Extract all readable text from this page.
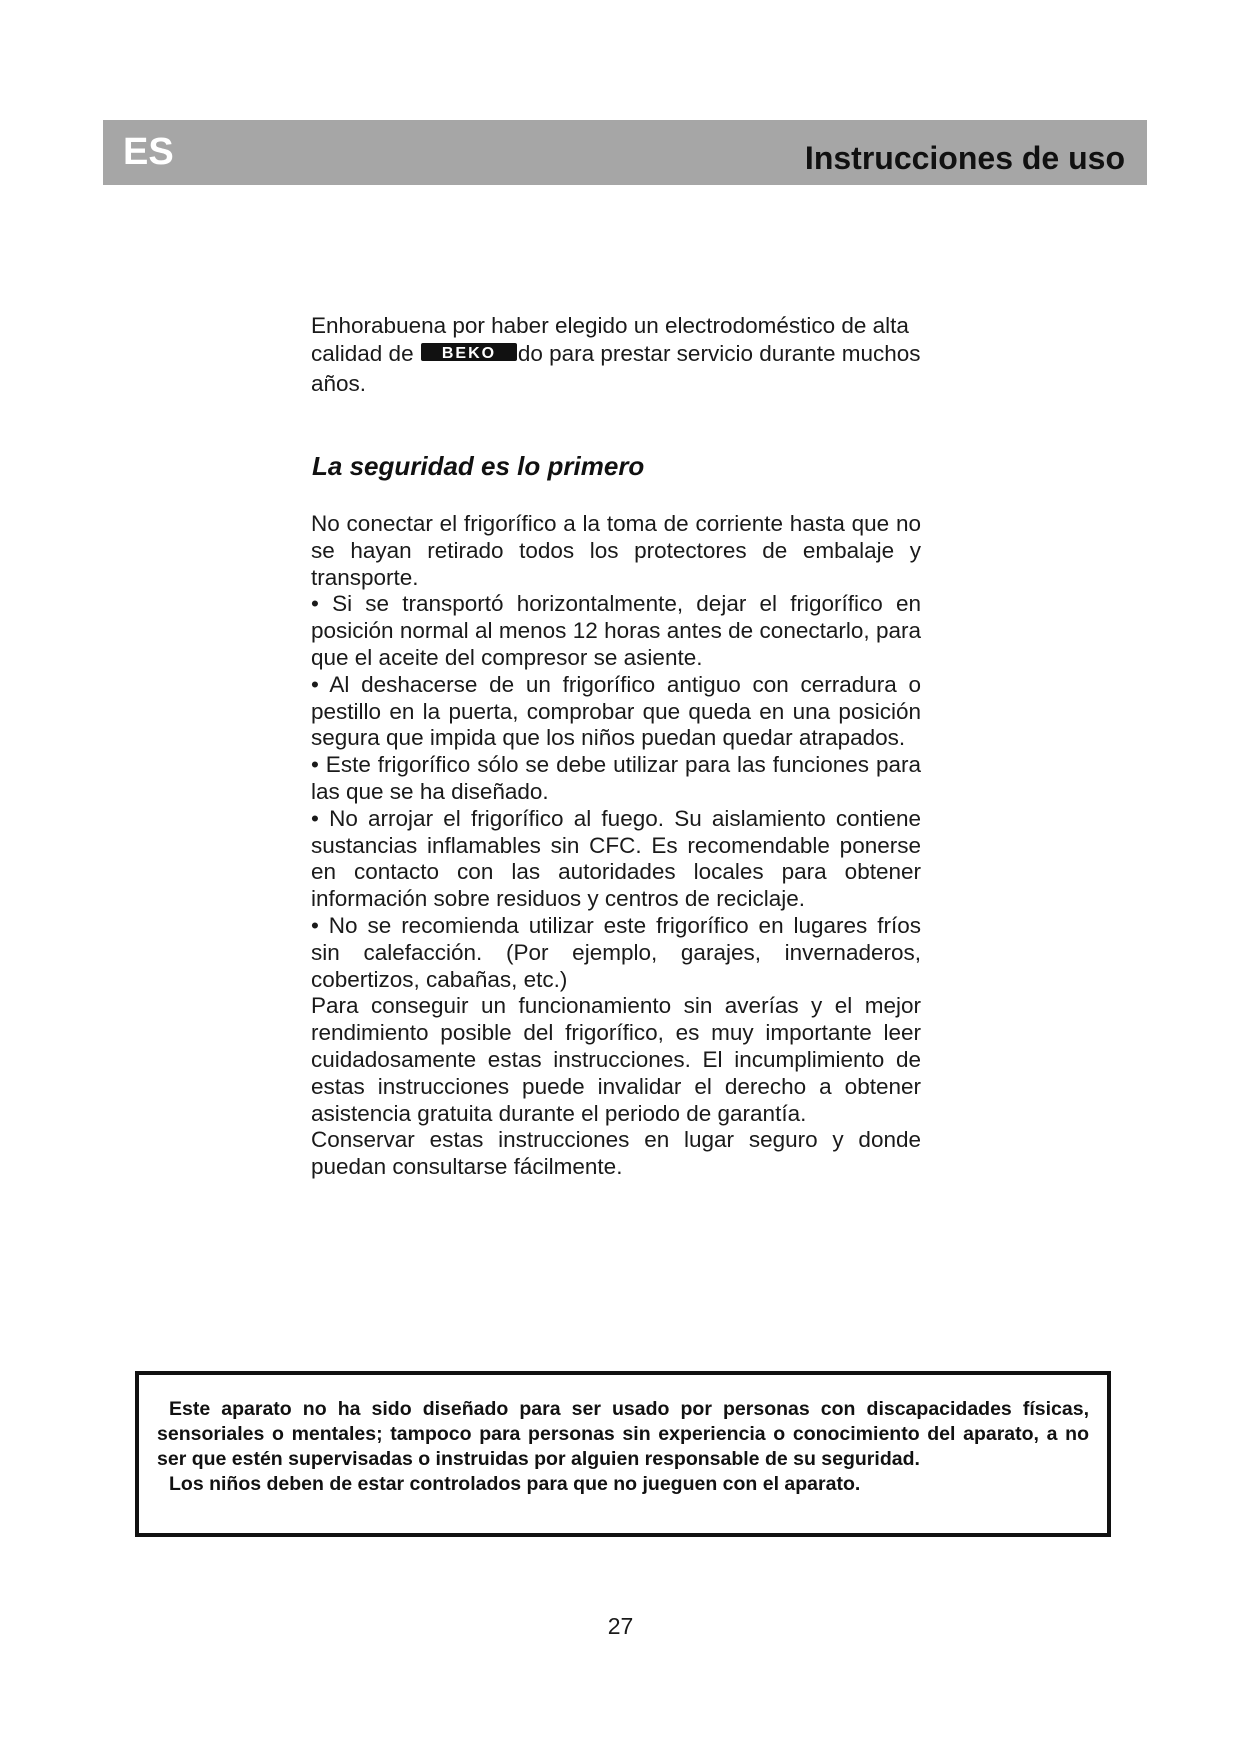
ES	Instrucciones de uso
Enhorabuena por haber elegido un electrodoméstico de alta calidad de BEKO do para prestar servicio durante muchos años.
La seguridad es lo primero

No conectar el frigorífico a la toma de corriente hasta que no se hayan retirado todos los protectores de embalaje y transporte.

• Si se transportó horizontalmente, dejar el frigorífico en posición normal al menos 12 horas antes de conectarlo, para que el aceite del compresor se asiente.

• Al deshacerse de un frigorífico antiguo con cerradura o pestillo en la puerta, comprobar que queda en una posición segura que impida que los niños puedan quedar atrapados.

• Este frigorífico sólo se debe utilizar para las funciones para las que se ha diseñado.

• No arrojar el frigorífico al fuego. Su aislamiento contiene sustancias inflamables sin CFC. Es recomendable ponerse en contacto con las autoridades locales para obtener información sobre residuos y centros de reciclaje.

• No se recomienda utilizar este frigorífico en lugares fríos sin calefacción. (Por ejemplo, garajes, invernaderos, cobertizos, cabañas, etc.)

Para conseguir un funcionamiento sin averías y el mejor rendimiento posible del frigorífico, es muy importante leer cuidadosamente estas instrucciones. El incumplimiento de estas instrucciones puede invalidar el derecho a obtener asistencia gratuita durante el periodo de garantía.

Conservar estas instrucciones en lugar seguro y donde puedan consultarse fácilmente.

Este aparato no ha sido diseñado para ser usado por personas con discapacidades físicas, sensoriales o mentales; tampoco para personas sin experiencia o conocimiento del aparato, a no ser que estén supervisadas o instruidas por alguien responsable de su seguridad.

Los niños deben de estar controlados para que no jueguen con el aparato.

27
